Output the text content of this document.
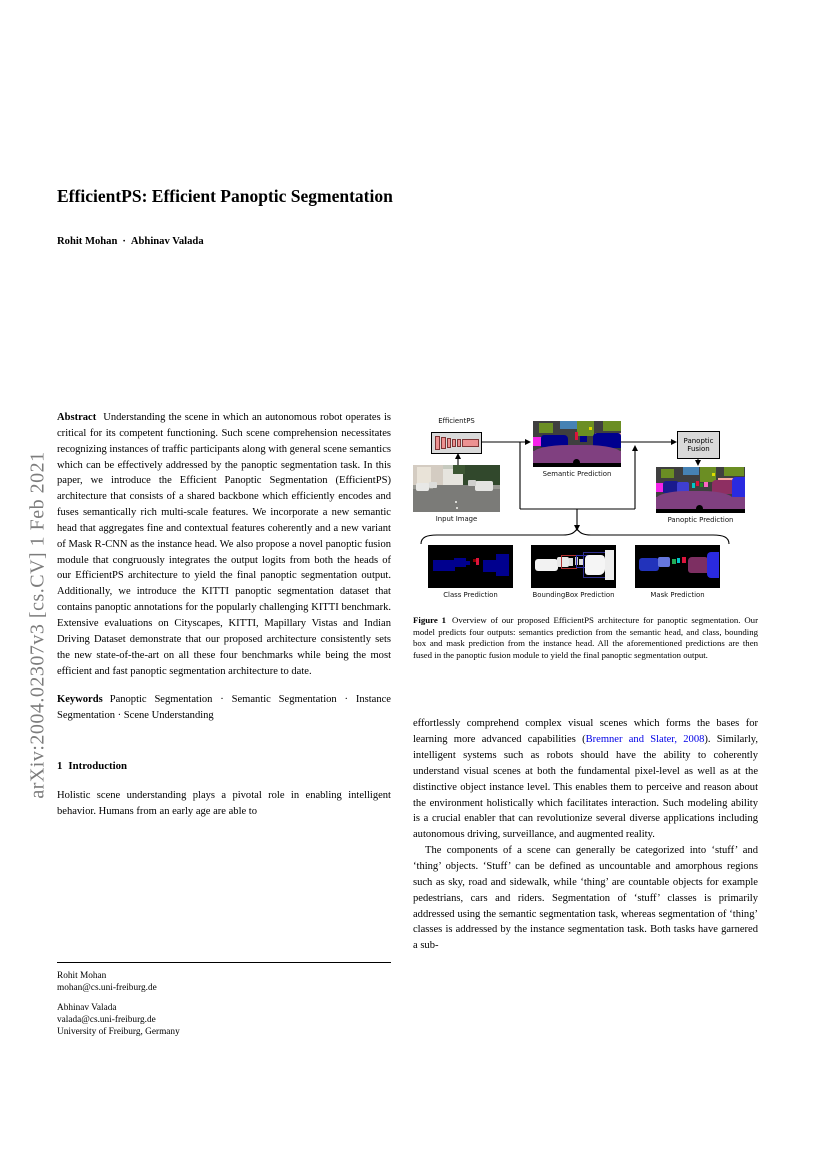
arXiv:2004.02307v3 [cs.CV] 1 Feb 2021
EfficientPS: Efficient Panoptic Segmentation
Rohit Mohan · Abhinav Valada

Abstract Understanding the scene in which an autonomous robot operates is critical for its competent functioning. Such scene comprehension necessitates recognizing instances of traffic participants along with general scene semantics which can be effectively addressed by the panoptic segmentation task. In this paper, we introduce the Efficient Panoptic Segmentation (EfficientPS) architecture that consists of a shared backbone which efficiently encodes and fuses semantically rich multi-scale features. We incorporate a new semantic head that aggregates fine and contextual features coherently and a new variant of Mask R-CNN as the instance head. We also propose a novel panoptic fusion module that congruously integrates the output logits from both the heads of our EfficientPS architecture to yield the final panoptic segmentation output. Additionally, we introduce the KITTI panoptic segmentation dataset that contains panoptic annotations for the popularly challenging KITTI benchmark. Extensive evaluations on Cityscapes, KITTI, Mapillary Vistas and Indian Driving Dataset demonstrate that our proposed architecture consistently sets the new state-of-the-art on all these four benchmarks while being the most efficient and fast panoptic segmentation architecture to date.

Keywords Panoptic Segmentation · Semantic Segmentation · Instance Segmentation · Scene Understanding

1 Introduction

Holistic scene understanding plays a pivotal role in enabling intelligent behavior. Humans from an early age are able to

Rohit Mohan
mohan@cs.uni-freiburg.de
Abhinav Valada
valada@cs.uni-freiburg.de
University of Freiburg, Germany
EfficientPS
Input Image
Semantic Prediction
Panoptic
Fusion
Panoptic Prediction
Class Prediction	BoundingBox Prediction	Mask Prediction

Figure 1 Overview of our proposed EfficientPS architecture for panoptic segmentation. Our model predicts four outputs: semantics prediction from the semantic head, and class, bounding box and mask prediction from the instance head. All the aforementioned predictions are then fused in the panoptic fusion module to yield the final panoptic segmentation output.

effortlessly comprehend complex visual scenes which forms the bases for learning more advanced capabilities (Bremner and Slater, 2008). Similarly, intelligent systems such as robots should have the ability to coherently understand visual scenes at both the fundamental pixel-level as well as at the distinctive object instance level. This enables them to perceive and reason about the environment holistically which facilitates interaction. Such modeling ability is a crucial enabler that can revolutionize several diverse applications including autonomous driving, surveillance, and augmented reality.

The components of a scene can generally be categorized into ‘stuff’ and ‘thing’ objects. ‘Stuff’ can be defined as uncountable and amorphous regions such as sky, road and sidewalk, while ‘thing’ are countable objects for example pedestrians, cars and riders. Segmentation of ‘stuff’ classes is primarily addressed using the semantic segmentation task, whereas segmentation of ‘thing’ classes is addressed by the instance segmentation task. Both tasks have garnered a sub-
